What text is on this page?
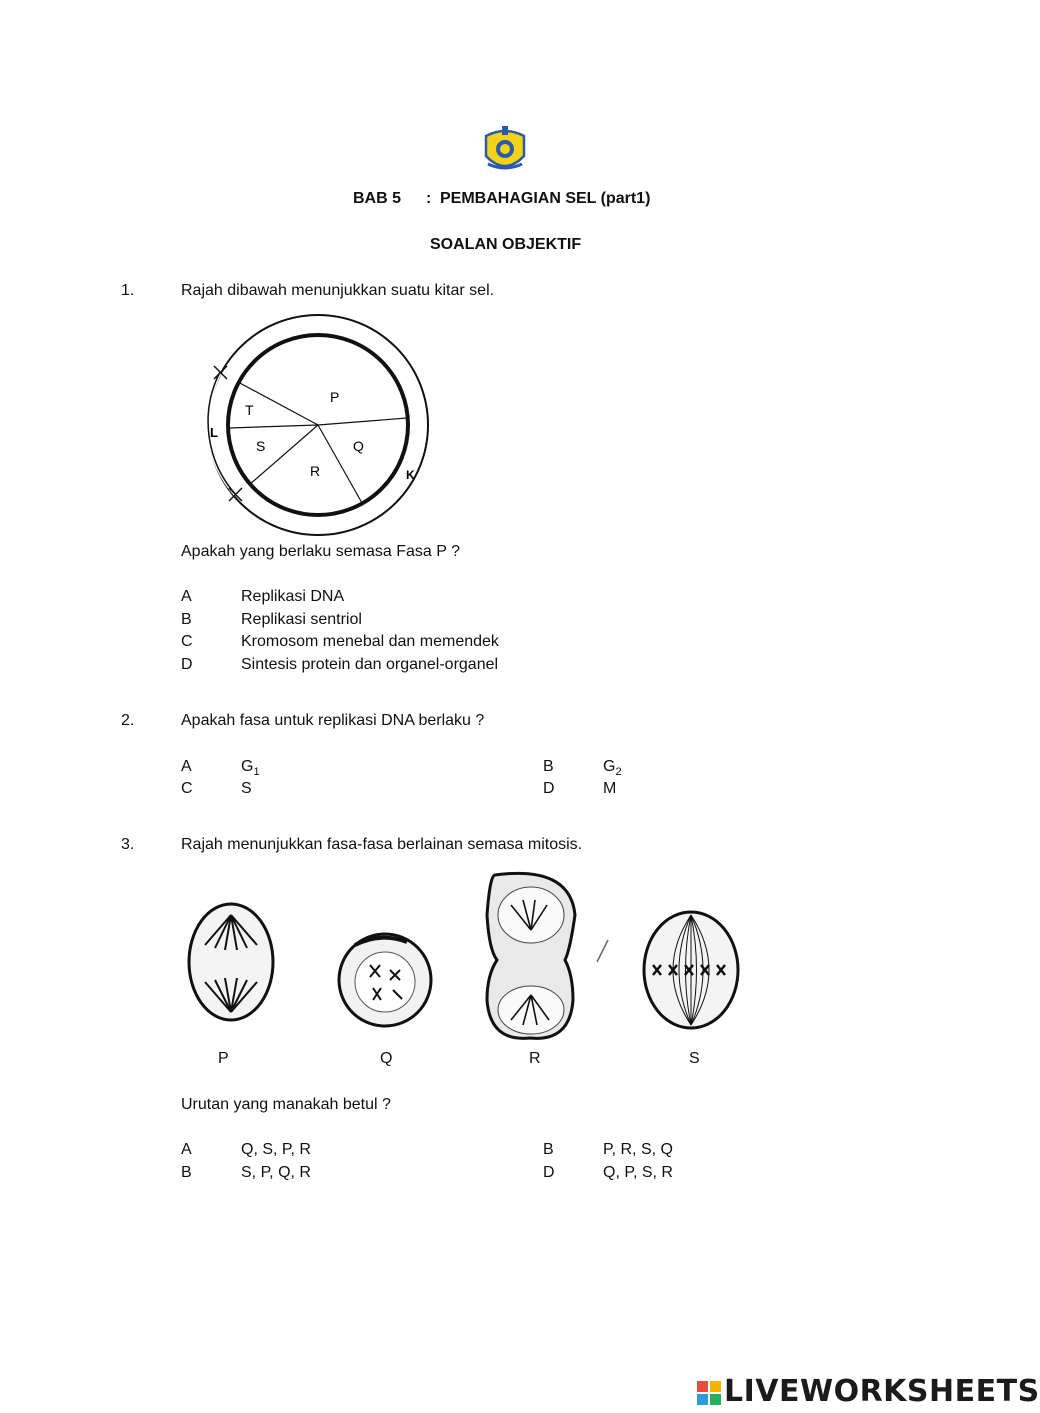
BAB 5 : PEMBAHAGIAN SEL (part1)
SOALAN OBJEKTIF
1.	Rajah dibawah menunjukkan suatu kitar sel.
P
T
S	Q
R
L
K
Apakah yang berlaku semasa Fasa P ?
A	Replikasi DNA
B	Replikasi sentriol
C	Kromosom menebal dan memendek
D	Sintesis protein dan organel-organel
2.	Apakah fasa untuk replikasi DNA berlaku ?
A	$G_1$	B	$G_2$
C	S	D	M
3.	Rajah menunjukkan fasa-fasa berlainan semasa mitosis.
P	Q	R	S
Urutan yang manakah betul ?
A	Q, S, P, R	B	P, R, S, Q
B	S, P, Q, R	D	Q, P, S, R
LIVEWORKSHEETS
